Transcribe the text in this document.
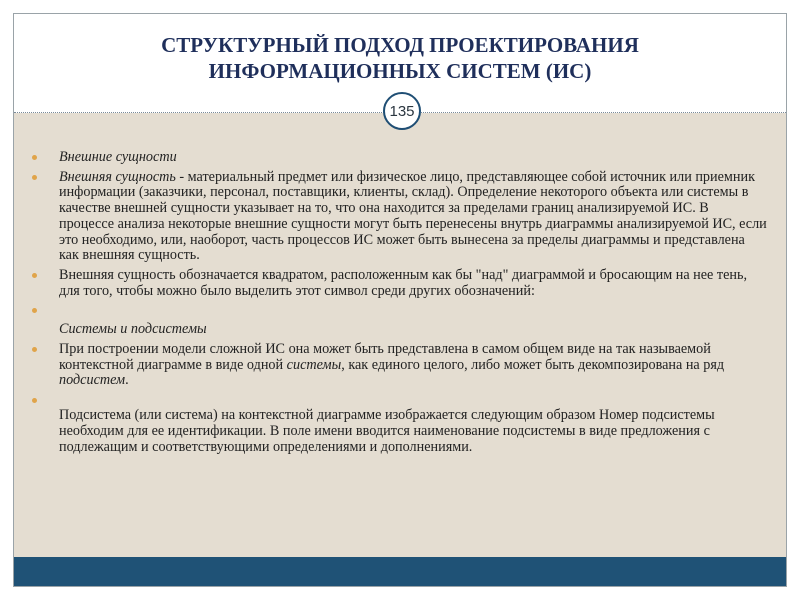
СТРУКТУРНЫЙ ПОДХОД ПРОЕКТИРОВАНИЯ
ИНФОРМАЦИОННЫХ СИСТЕМ (ИС)
135
Внешние сущности
Внешняя сущность - материальный предмет или физическое лицо, представляющее собой источник или приемник информации (заказчики, персонал, поставщики, клиенты, склад). Определение некоторого объекта или системы в качестве внешней сущности указывает на то, что она находится за пределами границ анализируемой ИС. В процессе анализа некоторые внешние сущности могут быть перенесены внутрь диаграммы анализируемой ИС, если это необходимо, или, наоборот, часть процессов ИС может быть вынесена за пределы диаграммы и представлена как внешняя сущность.
Внешняя сущность обозначается квадратом, расположенным как бы "над" диаграммой и бросающим на нее тень, для того, чтобы можно было выделить этот символ среди других обозначений:
Системы и подсистемы
При построении модели сложной ИС она может быть представлена в самом общем виде на так называемой контекстной диаграмме в виде одной системы, как единого целого, либо может быть декомпозирована на ряд подсистем.
Подсистема (или система) на контекстной диаграмме изображается следующим образом Номер подсистемы необходим для ее идентификации. В поле имени вводится наименование подсистемы в виде предложения с подлежащим и соответствующими определениями и дополнениями.
